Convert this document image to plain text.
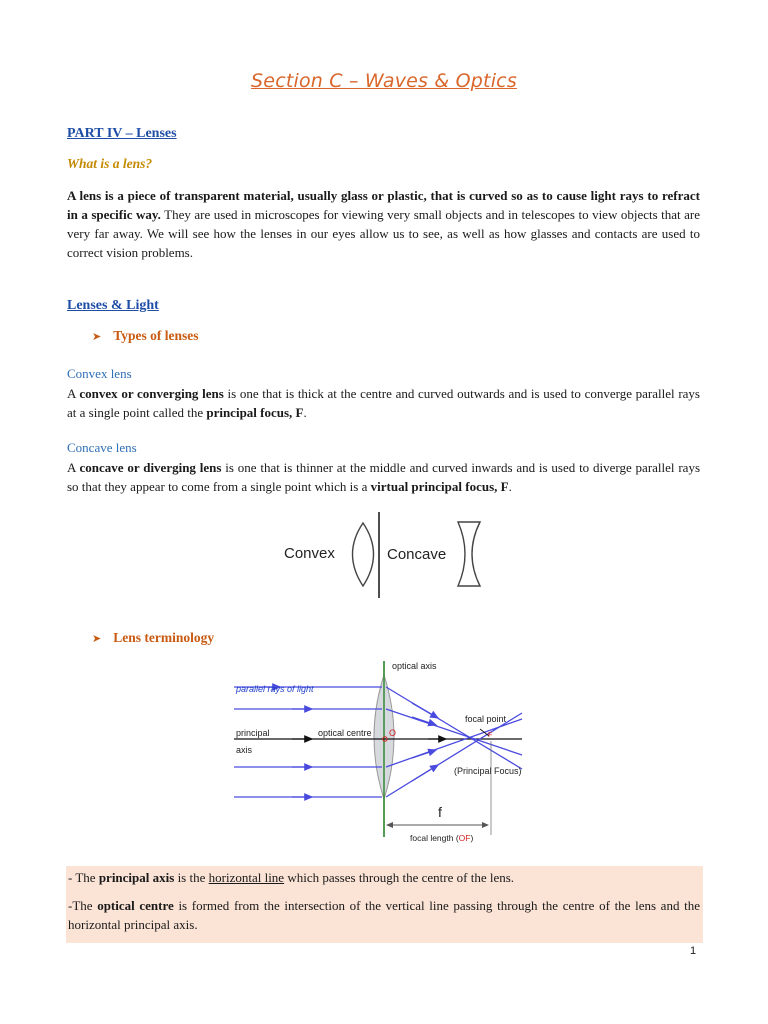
Section C – Waves & Optics
PART IV – Lenses
What is a lens?
A lens is a piece of transparent material, usually glass or plastic, that is curved so as to cause light rays to refract in a specific way. They are used in microscopes for viewing very small objects and in telescopes to view objects that are very far away. We will see how the lenses in our eyes allow us to see, as well as how glasses and contacts are used to correct vision problems.
Lenses & Light
➤ Types of lenses
Convex lens
A convex or converging lens is one that is thick at the centre and curved outwards and is used to converge parallel rays at a single point called the principal focus, F.
Concave lens
A concave or diverging lens is one that is thinner at the middle and curved inwards and is used to diverge parallel rays so that they appear to come from a single point which is a virtual principal focus, F.
Convex	Concave
➤ Lens terminology
optical axis
parallel rays of light
focal point
principal
axis
optical centre O	F
(Principal Focus)
f
focal length (OF)
- The principal axis is the horizontal line which passes through the centre of the lens.
-The optical centre is formed from the intersection of the vertical line passing through the centre of the lens and the horizontal principal axis.
1
